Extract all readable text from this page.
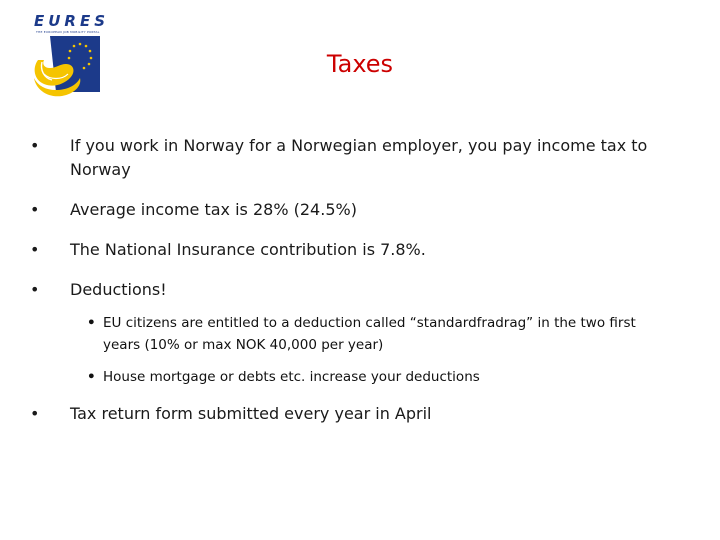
EURES
THE EUROPEAN JOB MOBILITY PORTAL
Taxes
•	If you work in Norway for a Norwegian employer, you pay income tax to Norway
•	Average income tax is 28% (24.5%)
•	The National Insurance contribution is 7.8%.
•	Deductions!
• EU citizens are entitled to a deduction called “standardfradrag” in the two first years (10% or max NOK 40,000 per year)
• House mortgage or debts etc. increase your deductions
•	Tax return form submitted every year in April
